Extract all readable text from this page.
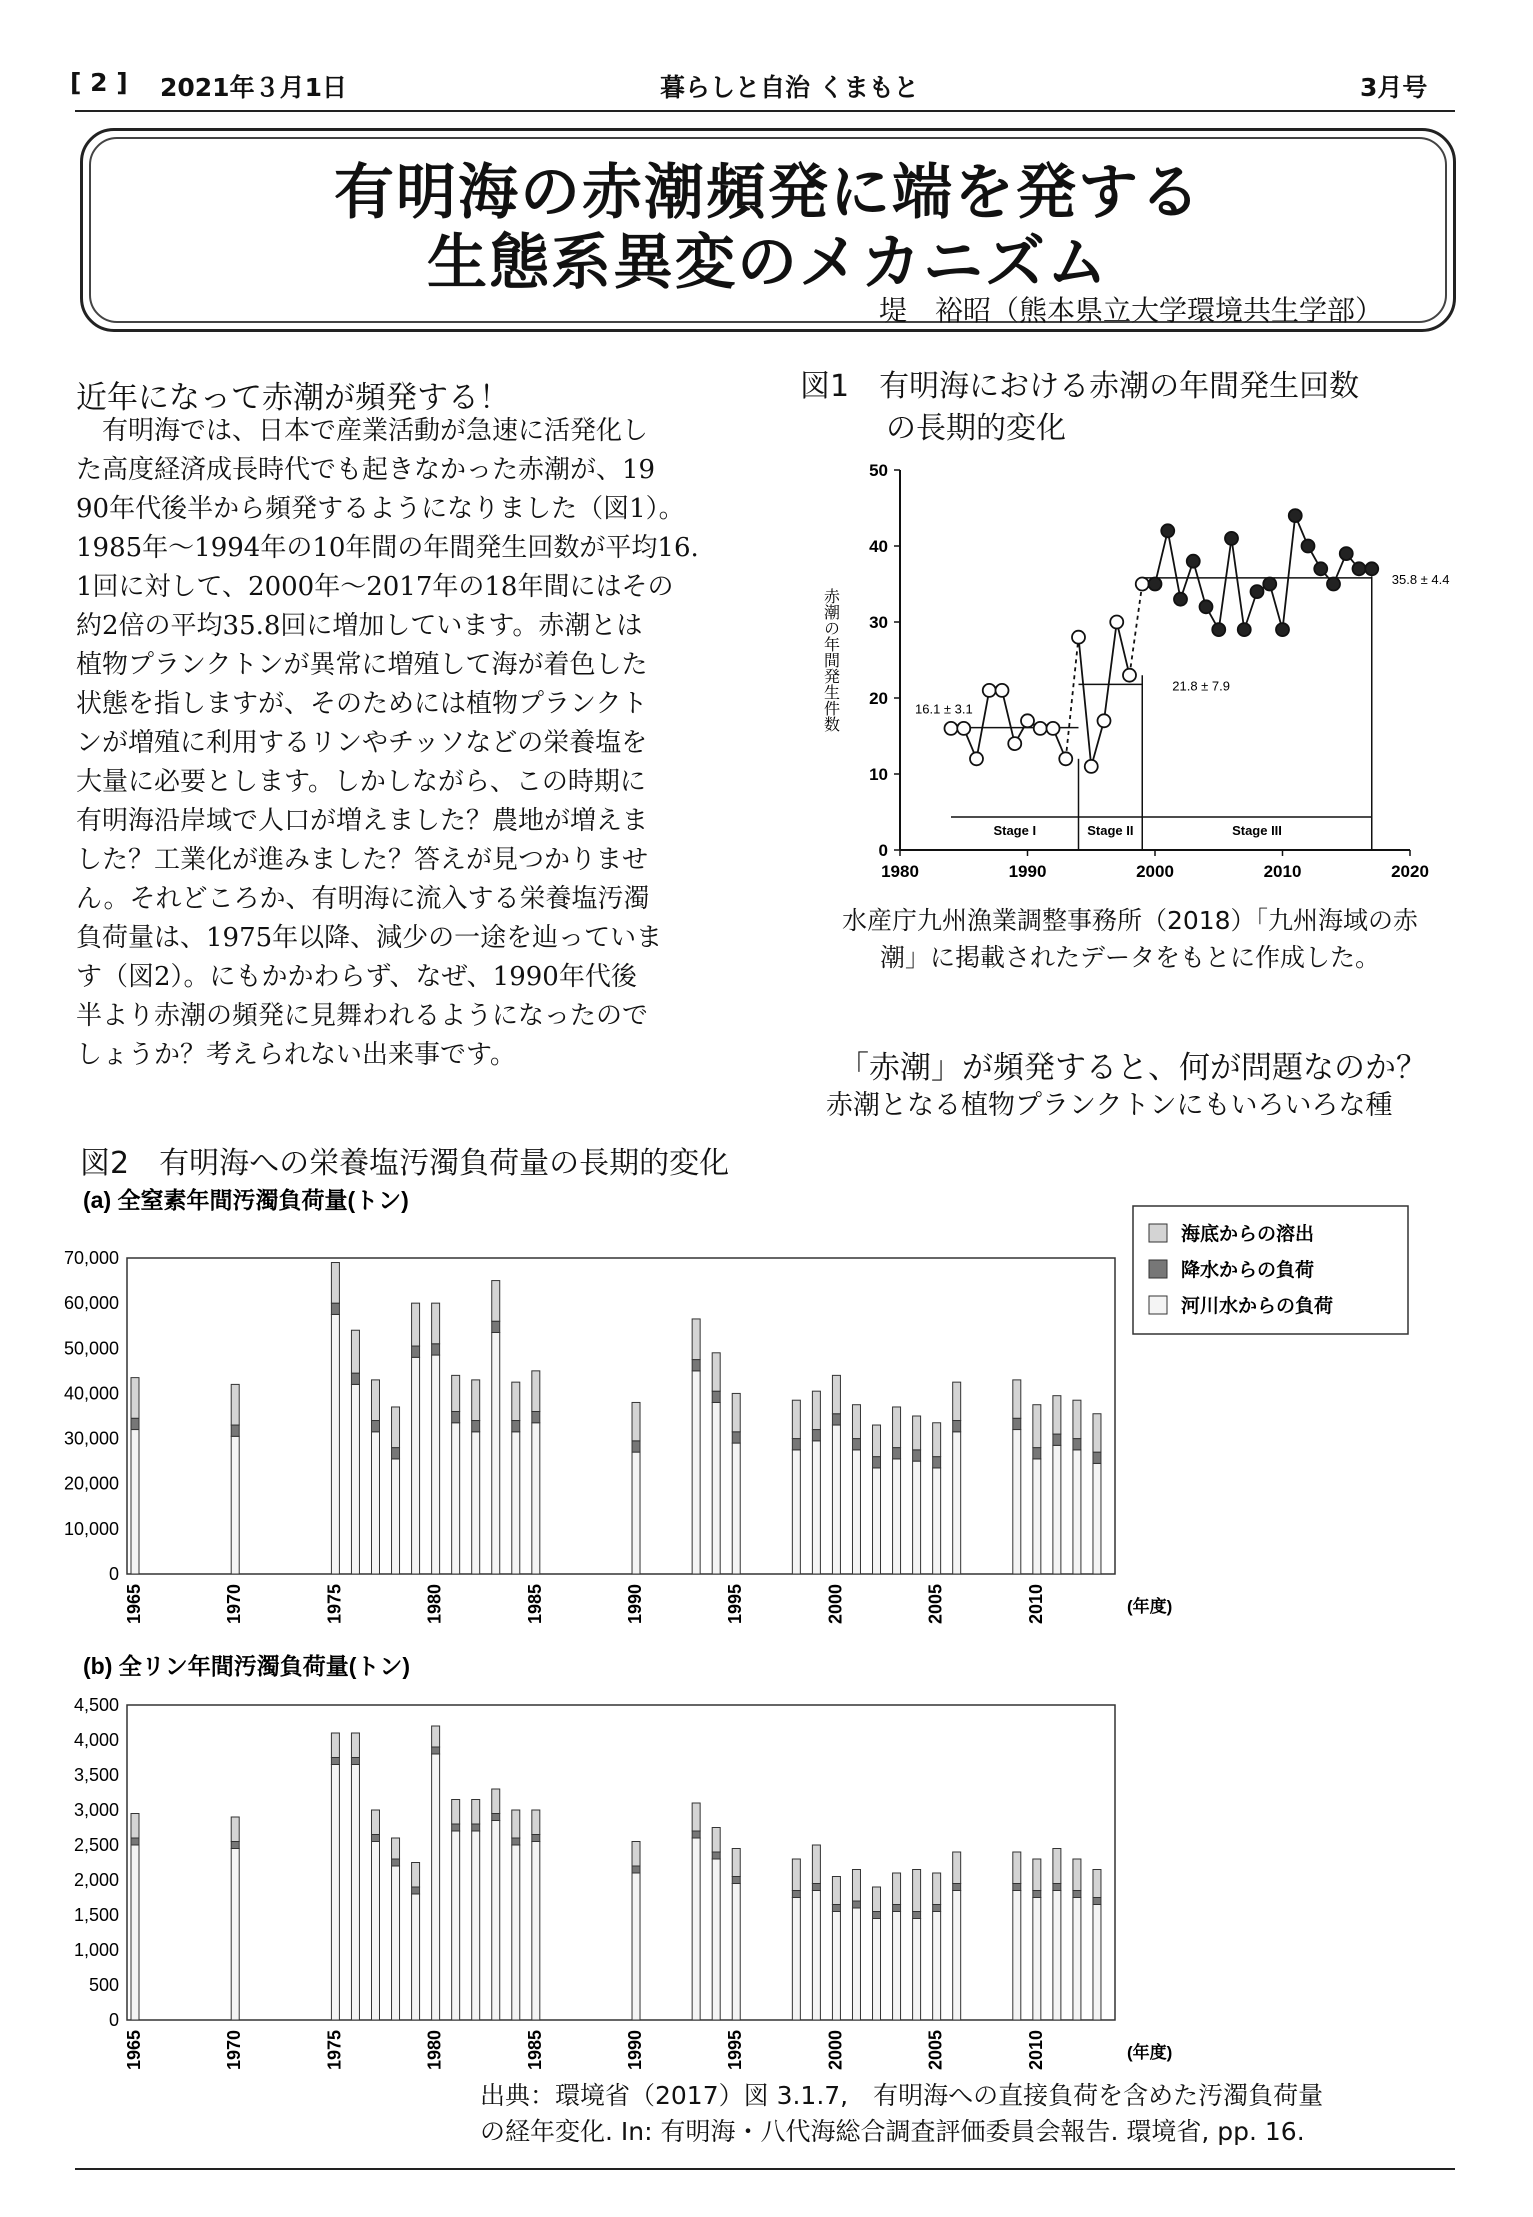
[ 2 ] 2021年３月1日	暮らしと自治 くまもと	3月号
有明海の赤潮頻発に端を発する
生態系異変のメカニズム
堤　裕昭（熊本県立大学環境共生学部）
近年になって赤潮が頻発する！

　有明海では、日本で産業活動が急速に活発化し

た高度経済成長時代でも起きなかった赤潮が、19

90年代後半から頻発するようになりました（図1）。

1985年～1994年の10年間の年間発生回数が平均16.

1回に対して、2000年～2017年の18年間にはその

約2倍の平均35.8回に増加しています。赤潮とは

植物プランクトンが異常に増殖して海が着色した

状態を指しますが、そのためには植物プランクト

ンが増殖に利用するリンやチッソなどの栄養塩を

大量に必要とします。しかしながら、この時期に

有明海沿岸域で人口が増えました？農地が増えま

した？工業化が進みました？答えが見つかりませ

ん。それどころか、有明海に流入する栄養塩汚濁

負荷量は、1975年以降、減少の一途を辿っていま

す（図2）。にもかかわらず、なぜ、1990年代後

半より赤潮の頻発に見舞われるようになったので

しょうか？考えられない出来事です。

図1　有明海における赤潮の年間発生回数
の長期的変化
0
10
20
30
40
50
1980	1990	2000	2010	2020
赤潮の年間発生件数
Stage I	Stage II	Stage III
16.1 ± 3.1
21.8 ± 7.9
35.8 ± 4.4
水産庁九州漁業調整事務所（2018）「九州海域の赤
潮」に掲載されたデータをもとに作成した。
「赤潮」が頻発すると、何が問題なのか？
赤潮となる植物プランクトンにもいろいろな種
図2　有明海への栄養塩汚濁負荷量の長期的変化
(a) 全窒素年間汚濁負荷量(トン)
0
10,000
20,000
30,000
40,000
50,000
60,000
70,000
1965	1970	1975	1980	1985	1990	1995	2000	2005	2010	(年度)
海底からの溶出
降水からの負荷
河川水からの負荷
(b) 全リン年間汚濁負荷量(トン)
0
500
1,000
1,500
2,000
2,500
3,000
3,500
4,000
4,500
1965	1970	1975	1980	1985	1990	1995	2000	2005	2010	(年度)
出典：環境省（2017）図 3.1.7,　有明海への直接負荷を含めた汚濁負荷量
の経年変化. In: 有明海・八代海総合調査評価委員会報告. 環境省, pp. 16.
